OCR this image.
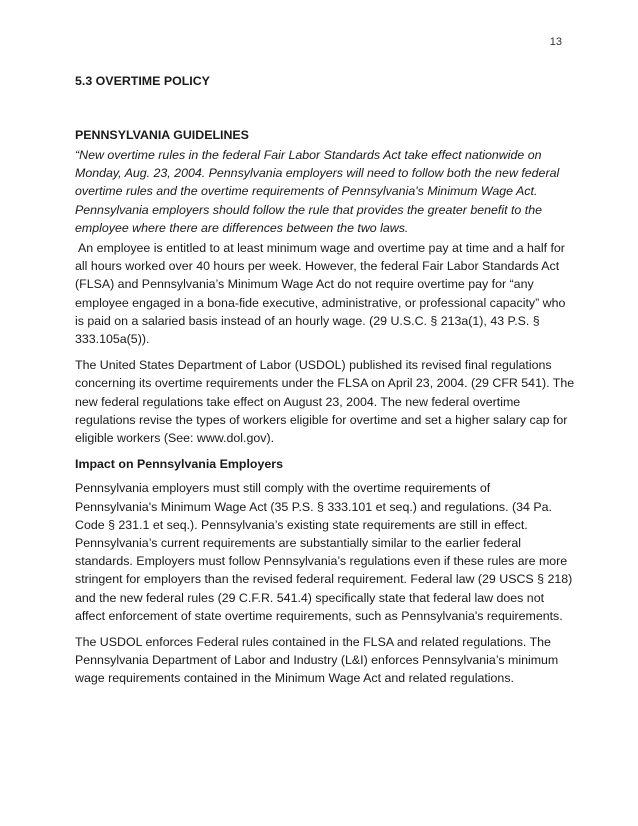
13
5.3 OVERTIME POLICY
PENNSYLVANIA GUIDELINES

“New overtime rules in the federal Fair Labor Standards Act take effect nationwide on Monday, Aug. 23, 2004. Pennsylvania employers will need to follow both the new federal overtime rules and the overtime requirements of Pennsylvania's Minimum Wage Act. Pennsylvania employers should follow the rule that provides the greater benefit to the employee where there are differences between the two laws.

An employee is entitled to at least minimum wage and overtime pay at time and a half for all hours worked over 40 hours per week. However, the federal Fair Labor Standards Act (FLSA) and Pennsylvania’s Minimum Wage Act do not require overtime pay for “any employee engaged in a bona-fide executive, administrative, or professional capacity” who is paid on a salaried basis instead of an hourly wage. (29 U.S.C. § 213a(1), 43 P.S. § 333.105a(5)).

The United States Department of Labor (USDOL) published its revised final regulations concerning its overtime requirements under the FLSA on April 23, 2004. (29 CFR 541). The new federal regulations take effect on August 23, 2004. The new federal overtime regulations revise the types of workers eligible for overtime and set a higher salary cap for eligible workers (See: www.dol.gov).

Impact on Pennsylvania Employers

Pennsylvania employers must still comply with the overtime requirements of Pennsylvania's Minimum Wage Act (35 P.S. § 333.101 et seq.) and regulations. (34 Pa. Code § 231.1 et seq.). Pennsylvania’s existing state requirements are still in effect. Pennsylvania’s current requirements are substantially similar to the earlier federal standards. Employers must follow Pennsylvania’s regulations even if these rules are more stringent for employers than the revised federal requirement. Federal law (29 USCS § 218) and the new federal rules (29 C.F.R. 541.4) specifically state that federal law does not affect enforcement of state overtime requirements, such as Pennsylvania's requirements.

The USDOL enforces Federal rules contained in the FLSA and related regulations. The Pennsylvania Department of Labor and Industry (L&I) enforces Pennsylvania’s minimum wage requirements contained in the Minimum Wage Act and related regulations.
